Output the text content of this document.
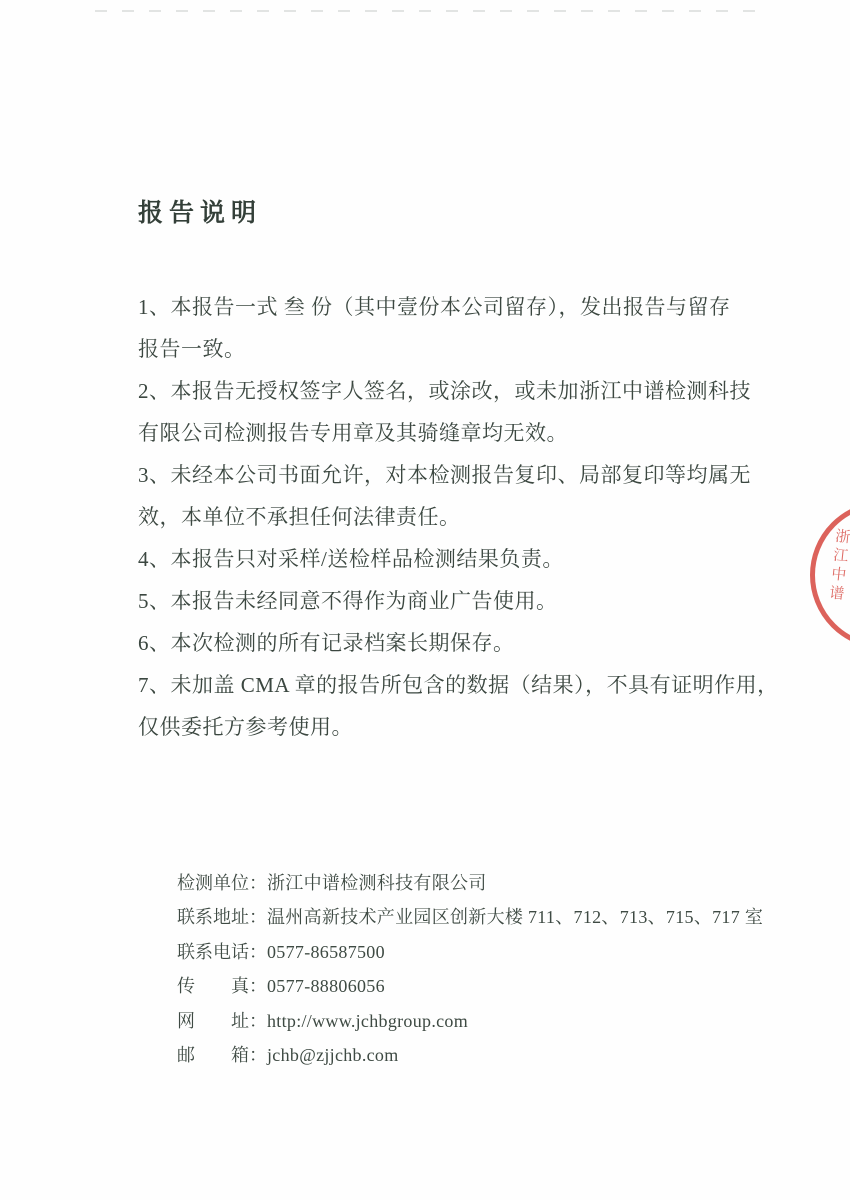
报告说明
1、本报告一式 叁 份（其中壹份本公司留存），发出报告与留存
报告一致。
2、本报告无授权签字人签名，或涂改，或未加浙江中谱检测科技
有限公司检测报告专用章及其骑缝章均无效。
3、未经本公司书面允许，对本检测报告复印、局部复印等均属无
效，本单位不承担任何法律责任。
4、本报告只对采样/送检样品检测结果负责。
5、本报告未经同意不得作为商业广告使用。
6、本次检测的所有记录档案长期保存。
7、未加盖 CMA 章的报告所包含的数据（结果），不具有证明作用，
仅供委托方参考使用。
检测单位：浙江中谱检测科技有限公司
联系地址：温州高新技术产业园区创新大楼 711、712、713、715、717 室
联系电话：0577-86587500
传　　真：0577-88806056
网　　址：http://www.jchbgroup.com
邮　　箱：jchb@zjjchb.com
浙江中谱
